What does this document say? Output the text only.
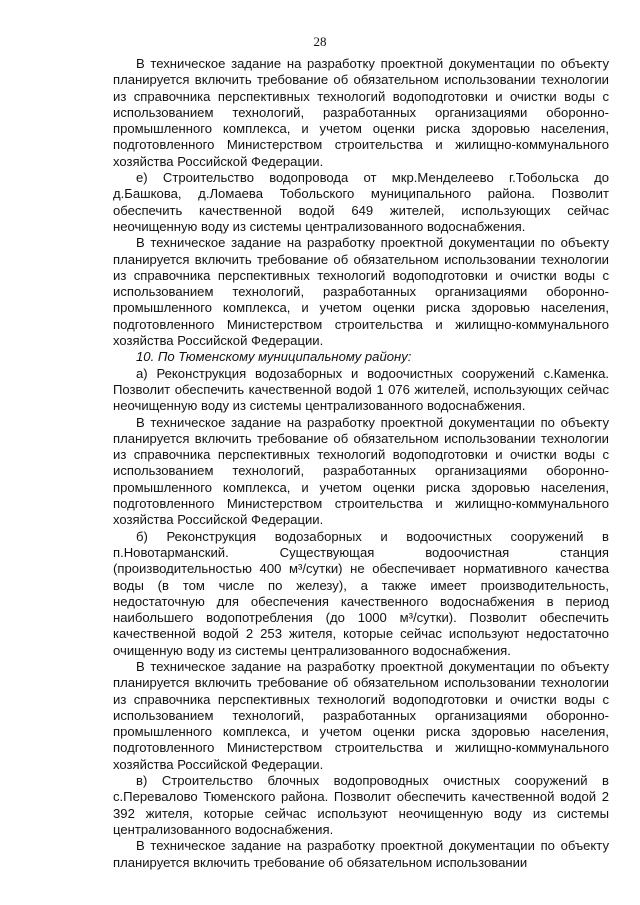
28

В техническое задание на разработку проектной документации по объекту планируется включить требование об обязательном использовании технологии из справочника перспективных технологий водоподготовки и очистки воды с использованием технологий, разработанных организациями оборонно-промышленного комплекса, и учетом оценки риска здоровью населения, подготовленного Министерством строительства и жилищно-коммунального хозяйства Российской Федерации.

е) Строительство водопровода от мкр.Менделеево г.Тобольска до д.Башкова, д.Ломаева Тобольского муниципального района. Позволит обеспечить качественной водой 649 жителей, использующих сейчас неочищенную воду из системы централизованного водоснабжения.

В техническое задание на разработку проектной документации по объекту планируется включить требование об обязательном использовании технологии из справочника перспективных технологий водоподготовки и очистки воды с использованием технологий, разработанных организациями оборонно-промышленного комплекса, и учетом оценки риска здоровью населения, подготовленного Министерством строительства и жилищно-коммунального хозяйства Российской Федерации.

10. По Тюменскому муниципальному району:

а) Реконструкция водозаборных и водоочистных сооружений с.Каменка. Позволит обеспечить качественной водой 1 076 жителей, использующих сейчас неочищенную воду из системы централизованного водоснабжения.

В техническое задание на разработку проектной документации по объекту планируется включить требование об обязательном использовании технологии из справочника перспективных технологий водоподготовки и очистки воды с использованием технологий, разработанных организациями оборонно-промышленного комплекса, и учетом оценки риска здоровью населения, подготовленного Министерством строительства и жилищно-коммунального хозяйства Российской Федерации.

б) Реконструкция водозаборных и водоочистных сооружений в п.Новотарманский. Существующая водоочистная станция (производительностью 400 м³/сутки) не обеспечивает нормативного качества воды (в том числе по железу), а также имеет производительность, недостаточную для обеспечения качественного водоснабжения в период наибольшего водопотребления (до 1000 м³/сутки). Позволит обеспечить качественной водой 2 253 жителя, которые сейчас используют недостаточно очищенную воду из системы централизованного водоснабжения.

В техническое задание на разработку проектной документации по объекту планируется включить требование об обязательном использовании технологии из справочника перспективных технологий водоподготовки и очистки воды с использованием технологий, разработанных организациями оборонно-промышленного комплекса, и учетом оценки риска здоровью населения, подготовленного Министерством строительства и жилищно-коммунального хозяйства Российской Федерации.

в) Строительство блочных водопроводных очистных сооружений в с.Перевалово Тюменского района. Позволит обеспечить качественной водой 2 392 жителя, которые сейчас используют неочищенную воду из системы централизованного водоснабжения.

В техническое задание на разработку проектной документации по объекту планируется включить требование об обязательном использовании
